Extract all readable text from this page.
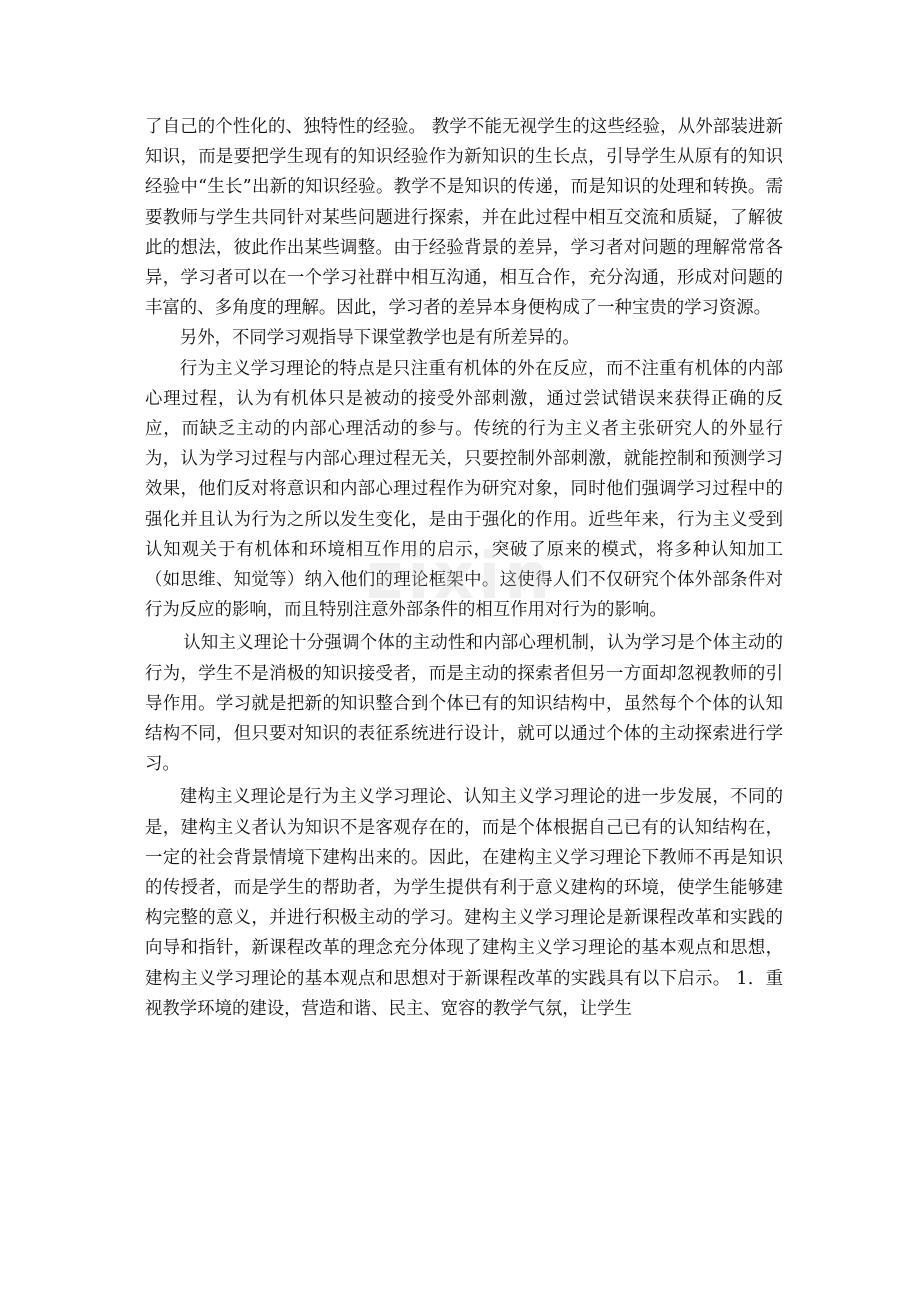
了自己的个性化的、独特性的经验。 教学不能无视学生的这些经验，从外部装进新知识，而是要把学生现有的知识经验作为新知识的生长点，引导学生从原有的知识经验中“生长”出新的知识经验。教学不是知识的传递，而是知识的处理和转换。需要教师与学生共同针对某些问题进行探索，并在此过程中相互交流和质疑，了解彼此的想法，彼此作出某些调整。由于经验背景的差异，学习者对问题的理解常常各异，学习者可以在一个学习社群中相互沟通，相互合作，充分沟通，形成对问题的丰富的、多角度的理解。因此，学习者的差异本身便构成了一种宝贵的学习资源。

另外，不同学习观指导下课堂教学也是有所差异的。

行为主义学习理论的特点是只注重有机体的外在反应，而不注重有机体的内部心理过程，认为有机体只是被动的接受外部刺激，通过尝试错误来获得正确的反应，而缺乏主动的内部心理活动的参与。传统的行为主义者主张研究人的外显行为，认为学习过程与内部心理过程无关，只要控制外部刺激，就能控制和预测学习效果，他们反对将意识和内部心理过程作为研究对象，同时他们强调学习过程中的强化并且认为行为之所以发生变化，是由于强化的作用。近些年来，行为主义受到认知观关于有机体和环境相互作用的启示，突破了原来的模式，将多种认知加工（如思维、知觉等）纳入他们的理论框架中。这使得人们不仅研究个体外部条件对行为反应的影响，而且特别注意外部条件的相互作用对行为的影响。

认知主义理论十分强调个体的主动性和内部心理机制，认为学习是个体主动的行为，学生不是消极的知识接受者，而是主动的探索者但另一方面却忽视教师的引导作用。学习就是把新的知识整合到个体已有的知识结构中，虽然每个个体的认知结构不同，但只要对知识的表征系统进行设计，就可以通过个体的主动探索进行学习。

建构主义理论是行为主义学习理论、认知主义学习理论的进一步发展，不同的是，建构主义者认为知识不是客观存在的，而是个体根据自己已有的认知结构在，一定的社会背景情境下建构出来的。因此，在建构主义学习理论下教师不再是知识的传授者，而是学生的帮助者，为学生提供有利于意义建构的环境，使学生能够建构完整的意义，并进行积极主动的学习。建构主义学习理论是新课程改革和实践的向导和指针，新课程改革的理念充分体现了建构主义学习理论的基本观点和思想，建构主义学习理论的基本观点和思想对于新课程改革的实践具有以下启示。 1．重视教学环境的建设，营造和谐、民主、宽容的教学气氛，让学生

zixin
